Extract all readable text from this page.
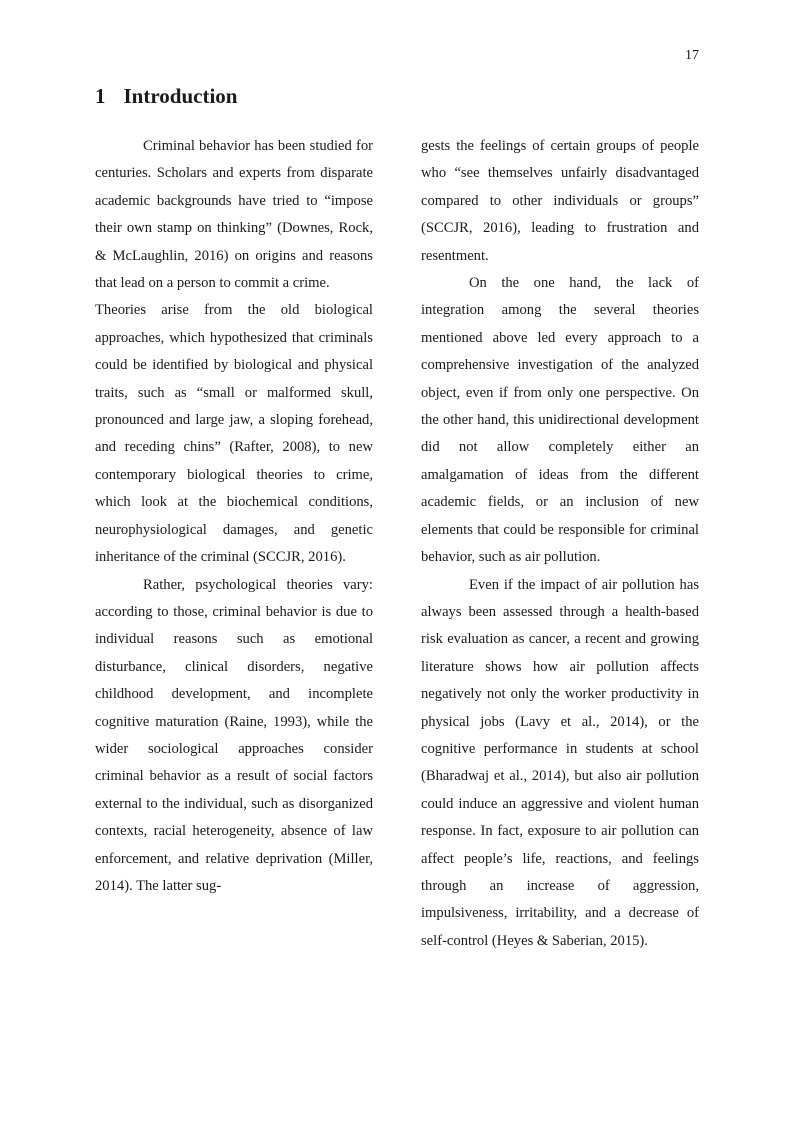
17
1 Introduction

Criminal behavior has been studied for centuries. Scholars and experts from disparate academic backgrounds have tried to “impose their own stamp on thinking” (Downes, Rock, & McLaughlin, 2016) on origins and reasons that lead on a person to commit a crime.

Theories arise from the old biological approaches, which hypothesized that criminals could be identified by biological and physical traits, such as “small or malformed skull, pronounced and large jaw, a sloping forehead, and receding chins” (Rafter, 2008), to new contemporary biological theories to crime, which look at the biochemical conditions, neurophysiological damages, and genetic inheritance of the criminal (SCCJR, 2016).

Rather, psychological theories vary: according to those, criminal behavior is due to individual reasons such as emotional disturbance, clinical disorders, negative childhood development, and incomplete cognitive maturation (Raine, 1993), while the wider sociological approaches consider criminal behavior as a result of social factors external to the individual, such as disorganized contexts, racial heterogeneity, absence of law enforcement, and relative deprivation (Miller, 2014). The latter sug-

gests the feelings of certain groups of people who “see themselves unfairly disadvantaged compared to other individuals or groups” (SCCJR, 2016), leading to frustration and resentment.

On the one hand, the lack of integration among the several theories mentioned above led every approach to a comprehensive investigation of the analyzed object, even if from only one perspective. On the other hand, this unidirectional development did not allow completely either an amalgamation of ideas from the different academic fields, or an inclusion of new elements that could be responsible for criminal behavior, such as air pollution.

Even if the impact of air pollution has always been assessed through a health-based risk evaluation as cancer, a recent and growing literature shows how air pollution affects negatively not only the worker productivity in physical jobs (Lavy et al., 2014), or the cognitive performance in students at school (Bharadwaj et al., 2014), but also air pollution could induce an aggressive and violent human response. In fact, exposure to air pollution can affect people’s life, reactions, and feelings through an increase of aggression, impulsiveness, irritability, and a decrease of self-control (Heyes & Saberian, 2015).
